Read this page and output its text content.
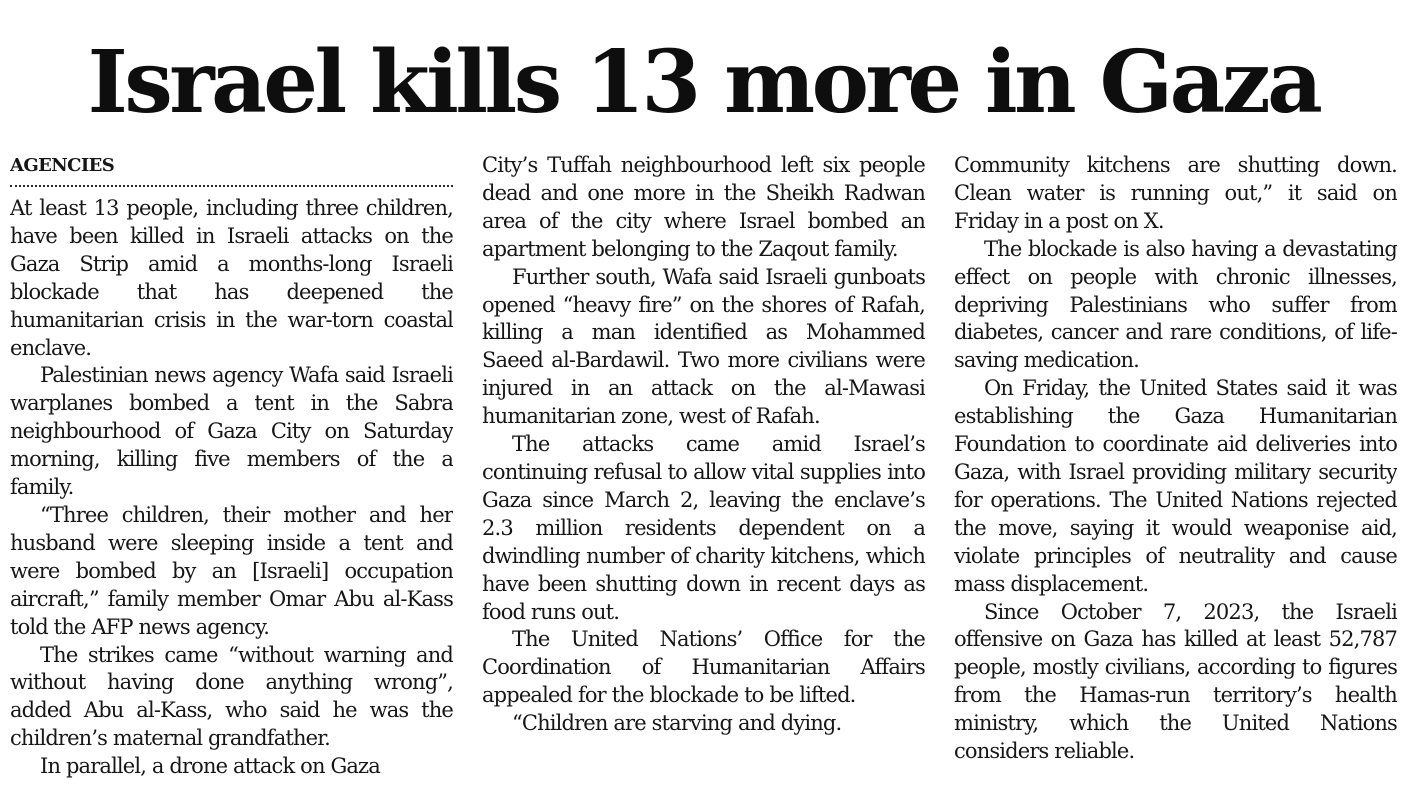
Israel kills 13 more in Gaza
AGENCIES

At least 13 people, including three children, have been killed in Israeli attacks on the Gaza Strip amid a months-long Israeli blockade that has deepened the humanitarian crisis in the war-torn coastal enclave.

Palestinian news agency Wafa said Israeli warplanes bombed a tent in the Sabra neighbourhood of Gaza City on Saturday morning, killing five members of the a family.

“Three children, their mother and her husband were sleeping inside a tent and were bombed by an [Israeli] occupation aircraft,” family member Omar Abu al-Kass told the AFP news agency.

The strikes came “without warning and without having done anything wrong”, added Abu al-Kass, who said he was the children’s maternal grandfather.

In parallel, a drone attack on Gaza

City’s Tuffah neighbourhood left six people dead and one more in the Sheikh Radwan area of the city where Israel bombed an apartment belonging to the Zaqout family.

Further south, Wafa said Israeli gunboats opened “heavy fire” on the shores of Rafah, killing a man identified as Mohammed Saeed al-Bardawil. Two more civilians were injured in an attack on the al-Mawasi humanitarian zone, west of Rafah.

The attacks came amid Israel’s continuing refusal to allow vital supplies into Gaza since March 2, leaving the enclave’s 2.3 million residents dependent on a dwindling number of charity kitchens, which have been shutting down in recent days as food runs out.

The United Nations’ Office for the Coordination of Humanitarian Affairs appealed for the blockade to be lifted.

“Children are starving and dying.

Community kitchens are shutting down. Clean water is running out,” it said on Friday in a post on X.

The blockade is also having a devastating effect on people with chronic illnesses, depriving Palestinians who suffer from diabetes, cancer and rare conditions, of life-saving medication.

On Friday, the United States said it was establishing the Gaza Humanitarian Foundation to coordinate aid deliveries into Gaza, with Israel providing military security for operations. The United Nations rejected the move, saying it would weaponise aid, violate principles of neutrality and cause mass displacement.

Since October 7, 2023, the Israeli offensive on Gaza has killed at least 52,787 people, mostly civilians, according to figures from the Hamas-run territory’s health ministry, which the United Nations considers reliable.
